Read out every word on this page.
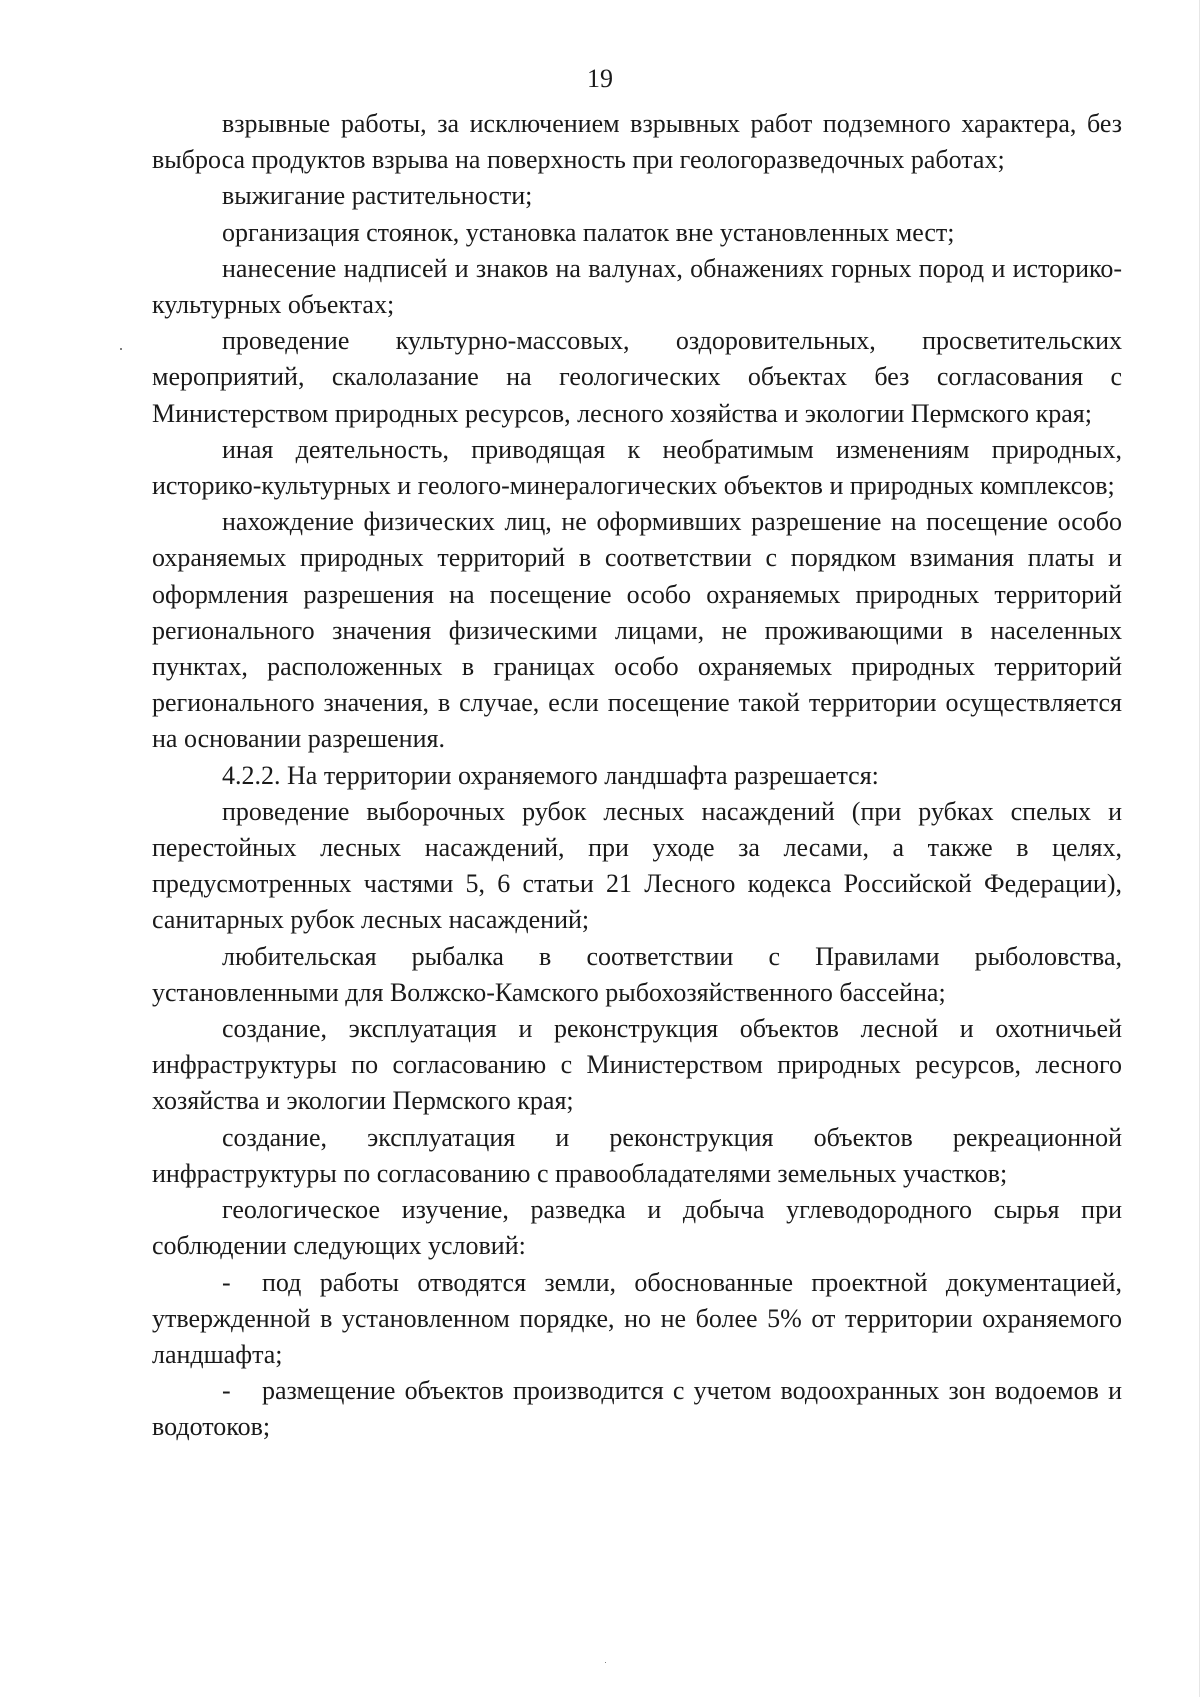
19

взрывные работы, за исключением взрывных работ подземного характера, без выброса продуктов взрыва на поверхность при геологоразведочных работах;

выжигание растительности;

организация стоянок, установка палаток вне установленных мест;

нанесение надписей и знаков на валунах, обнажениях горных пород и историко-культурных объектах;

проведение культурно-массовых, оздоровительных, просветительских мероприятий, скалолазание на геологических объектах без согласования с Министерством природных ресурсов, лесного хозяйства и экологии Пермского края;

иная деятельность, приводящая к необратимым изменениям природных, историко-культурных и геолого-минералогических объектов и природных комплексов;

нахождение физических лиц, не оформивших разрешение на посещение особо охраняемых природных территорий в соответствии с порядком взимания платы и оформления разрешения на посещение особо охраняемых природных территорий регионального значения физическими лицами, не проживающими в населенных пунктах, расположенных в границах особо охраняемых природных территорий регионального значения, в случае, если посещение такой территории осуществляется на основании разрешения.

4.2.2. На территории охраняемого ландшафта разрешается:

проведение выборочных рубок лесных насаждений (при рубках спелых и перестойных лесных насаждений, при уходе за лесами, а также в целях, предусмотренных частями 5, 6 статьи 21 Лесного кодекса Российской Федерации), санитарных рубок лесных насаждений;

любительская рыбалка в соответствии с Правилами рыболовства, установленными для Волжско-Камского рыбохозяйственного бассейна;

создание, эксплуатация и реконструкция объектов лесной и охотничьей инфраструктуры по согласованию с Министерством природных ресурсов, лесного хозяйства и экологии Пермского края;

создание, эксплуатация и реконструкция объектов рекреационной инфраструктуры по согласованию с правообладателями земельных участков;

геологическое изучение, разведка и добыча углеводородного сырья при соблюдении следующих условий:

- под работы отводятся земли, обоснованные проектной документацией, утвержденной в установленном порядке, но не более 5% от территории охраняемого ландшафта;

- размещение объектов производится с учетом водоохранных зон водоемов и водотоков;
